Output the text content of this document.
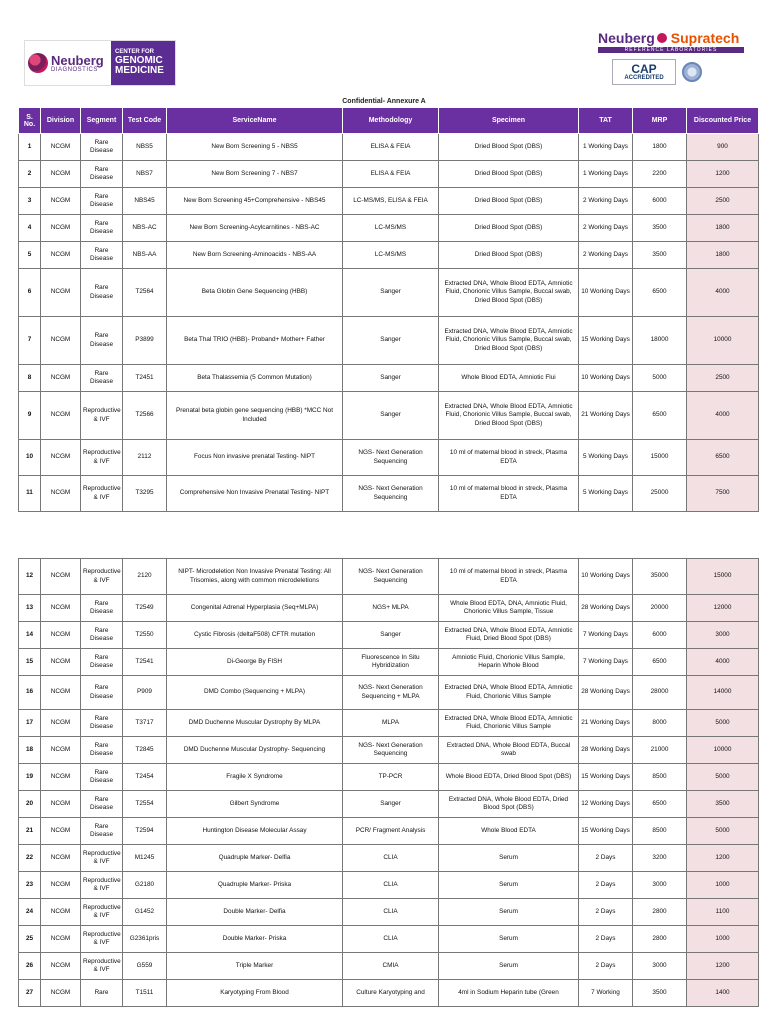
Neuberg
DIAGNOSTICS
CENTER FOR
GENOMIC
MEDICINE
Neuberg Supratech
REFERENCE LABORATORIES
CAP
ACCREDITED
Confidential- Annexure A
S. No.	Division	Segment	Test Code	ServiceName	Methodology	Specimen	TAT	MRP	Discounted Price
1	NCGM	Rare Disease	NBS5	New Born Screening 5 - NBS5	ELISA & FEIA	Dried Blood Spot (DBS)	1 Working Days	1800	900
2	NCGM	Rare Disease	NBS7	New Born Screening 7 - NBS7	ELISA & FEIA	Dried Blood Spot (DBS)	1 Working Days	2200	1200
3	NCGM	Rare Disease	NBS45	New Born Screening 45+Comprehensive - NBS45	LC-MS/MS, ELISA & FEIA	Dried Blood Spot (DBS)	2 Working Days	6000	2500
4	NCGM	Rare Disease	NBS-AC	New Born Screening-Acylcarnitines - NBS-AC	LC-MS/MS	Dried Blood Spot (DBS)	2 Working Days	3500	1800
5	NCGM	Rare Disease	NBS-AA	New Born Screening-Aminoacids - NBS-AA	LC-MS/MS	Dried Blood Spot (DBS)	2 Working Days	3500	1800
6	NCGM	Rare Disease	T2564	Beta Globin Gene Sequencing (HBB)	Sanger	Extracted DNA, Whole Blood EDTA, Amniotic Fluid, Chorionic Villus Sample, Buccal swab, Dried Blood Spot (DBS)	10 Working Days	6500	4000
7	NCGM	Rare Disease	P3899	Beta Thal TRIO (HBB)- Proband+ Mother+ Father	Sanger	Extracted DNA, Whole Blood EDTA, Amniotic Fluid, Chorionic Villus Sample, Buccal swab, Dried Blood Spot (DBS)	15 Working Days	18000	10000
8	NCGM	Rare Disease	T2451	Beta Thalassemia (5 Common Mutation)	Sanger	Whole Blood EDTA, Amniotic Flui	10 Working Days	5000	2500
9	NCGM	Reproductive & IVF	T2566	Prenatal beta globin gene sequencing (HBB) *MCC Not Included	Sanger	Extracted DNA, Whole Blood EDTA, Amniotic Fluid, Chorionic Villus Sample, Buccal swab, Dried Blood Spot (DBS)	21 Working Days	6500	4000
10	NCGM	Reproductive & IVF	2112	Focus Non invasive prenatal Testing- NIPT	NGS- Next Generation Sequencing	10 ml of maternal blood in streck, Plasma EDTA	5 Working Days	15000	6500
11	NCGM	Reproductive & IVF	T3295	Comprehensive Non Invasive Prenatal Testing- NIPT	NGS- Next Generation Sequencing	10 ml of maternal blood in streck, Plasma EDTA	5 Working Days	25000	7500
12	NCGM	Reproductive & IVF	2120	NIPT- Microdeletion Non Invasive Prenatal Testing: All Trisomies, along with common microdeletions	NGS- Next Generation Sequencing	10 ml of maternal blood in streck, Plasma EDTA	10 Working Days	35000	15000
13	NCGM	Rare Disease	T2549	Congenital Adrenal Hyperplasia (Seq+MLPA)	NGS+ MLPA	Whole Blood EDTA, DNA, Amniotic Fluid, Chorionic Villus Sample, Tissue	28 Working Days	20000	12000
14	NCGM	Rare Disease	T2550	Cystic Fibrosis (deltaF508) CFTR mutation	Sanger	Extracted DNA, Whole Blood EDTA, Amniotic Fluid, Dried Blood Spot (DBS)	7 Working Days	6000	3000
15	NCGM	Rare Disease	T2541	Di-George By FISH	Fluorescence In Situ Hybridization	Amniotic Fluid, Chorionic Villus Sample, Heparin Whole Blood	7 Working Days	6500	4000
16	NCGM	Rare Disease	P909	DMD Combo (Sequencing + MLPA)	NGS- Next Generation Sequencing + MLPA	Extracted DNA, Whole Blood EDTA, Amniotic Fluid, Chorionic Villus Sample	28 Working Days	28000	14000
17	NCGM	Rare Disease	T3717	DMD Duchenne Muscular Dystrophy By MLPA	MLPA	Extracted DNA, Whole Blood EDTA, Amniotic Fluid, Chorionic Villus Sample	21 Working Days	8000	5000
18	NCGM	Rare Disease	T2845	DMD Duchenne Muscular Dystrophy- Sequencing	NGS- Next Generation Sequencing	Extracted DNA, Whole Blood EDTA, Buccal swab	28 Working Days	21000	10000
19	NCGM	Rare Disease	T2454	Fragile X Syndrome	TP-PCR	Whole Blood EDTA, Dried Blood Spot (DBS)	15 Working Days	8500	5000
20	NCGM	Rare Disease	T2554	Gilbert Syndrome	Sanger	Extracted DNA, Whole Blood EDTA, Dried Blood Spot (DBS)	12 Working Days	6500	3500
21	NCGM	Rare Disease	T2594	Huntington Disease Molecular Assay	PCR/ Fragment Analysis	Whole Blood EDTA	15 Working Days	8500	5000
22	NCGM	Reproductive & IVF	M1245	Quadruple Marker- Delfia	CLIA	Serum	2 Days	3200	1200
23	NCGM	Reproductive & IVF	G2180	Quadruple Marker- Priska	CLIA	Serum	2 Days	3000	1000
24	NCGM	Reproductive & IVF	G1452	Double Marker- Delfia	CLIA	Serum	2 Days	2800	1100
25	NCGM	Reproductive & IVF	G2361pris	Double Marker- Priska	CLIA	Serum	2 Days	2800	1000
26	NCGM	Reproductive & IVF	G559	Triple Marker	CMIA	Serum	2 Days	3000	1200
27	NCGM	Rare	T1511	Karyotyping From Blood	Culture Karyotyping and	4ml in Sodium Heparin tube (Green	7 Working	3500	1400
